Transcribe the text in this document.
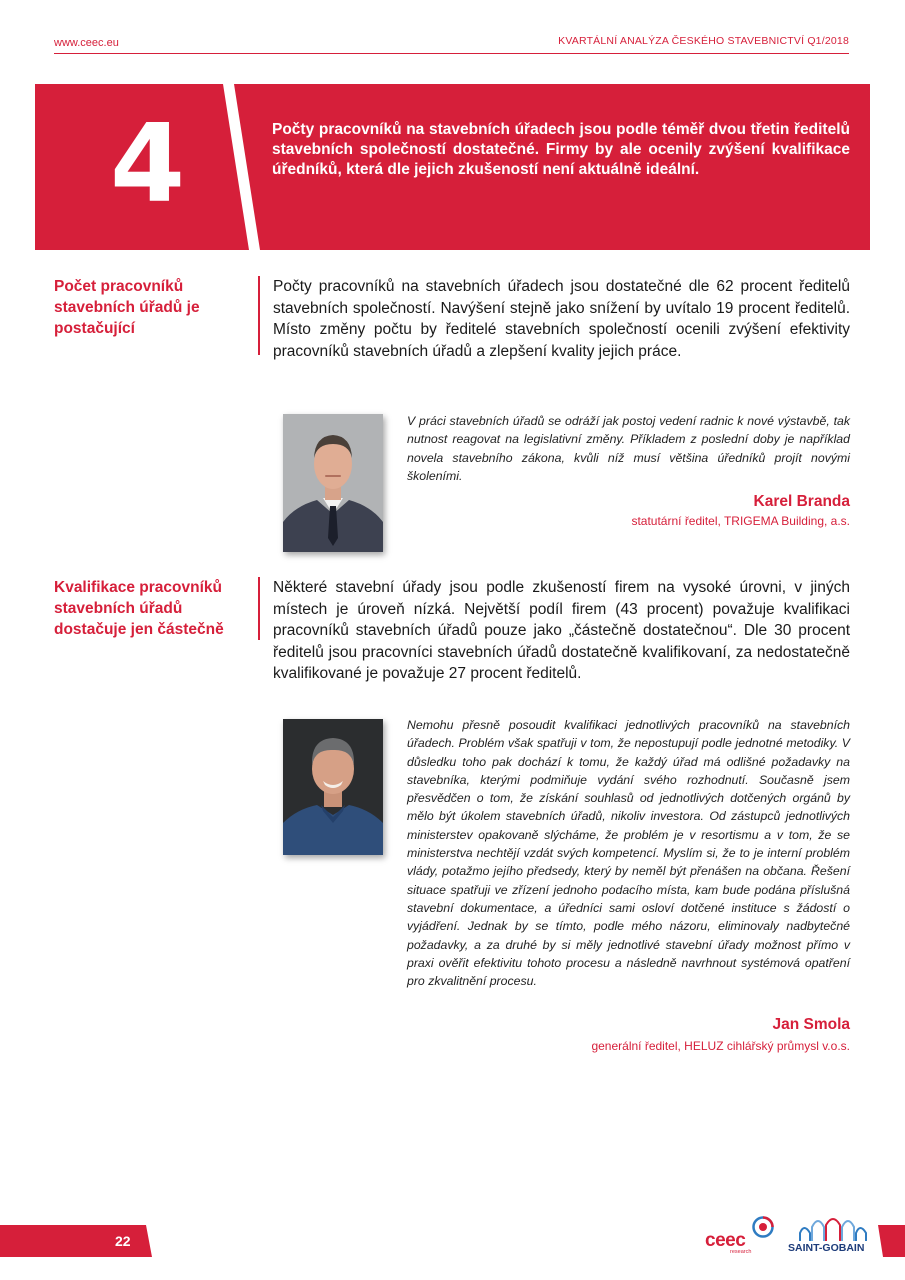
www.ceec.eu	KVARTÁLNÍ ANALÝZA ČESKÉHO STAVEBNICTVÍ Q1/2018
4	Počty pracovníků na stavebních úřadech jsou podle téměř dvou třetin ředitelů stavebních společností dostatečné. Firmy by ale ocenily zvýšení kvalifikace úředníků, která dle jejich zkušeností není aktuálně ideální.
Počet pracovníků stavebních úřadů je postačující
Počty pracovníků na stavebních úřadech jsou dostatečné dle 62 procent ředitelů stavebních společností. Navýšení stejně jako snížení by uvítalo 19 procent ředitelů. Místo změny počtu by ředitelé stavebních společností ocenili zvýšení efektivity pracovníků stavebních úřadů a zlepšení kvality jejich práce.
V práci stavebních úřadů se odráží jak postoj vedení radnic k nové výstavbě, tak nutnost reagovat na legislativní změny. Příkladem z poslední doby je například novela stavebního zákona, kvůli níž musí většina úředníků projít novými školeními.
Karel Branda
statutární ředitel, TRIGEMA Building, a.s.
Kvalifikace pracovníků stavebních úřadů dostačuje jen částečně
Některé stavební úřady jsou podle zkušeností firem na vysoké úrovni, v jiných místech je úroveň nízká. Největší podíl firem (43 procent) považuje kvalifikaci pracovníků stavebních úřadů pouze jako „částečně dostatečnou“. Dle 30 procent ředitelů jsou pracovníci stavebních úřadů dostatečně kvalifikovaní, za nedostatečně kvalifikované je považuje 27 procent ředitelů.
Nemohu přesně posoudit kvalifikaci jednotlivých pracovníků na stavebních úřadech. Problém však spatřuji v tom, že nepostupují podle jednotné metodiky. V důsledku toho pak dochází k tomu, že každý úřad má odlišné požadavky na stavebníka, kterými podmiňuje vydání svého rozhodnutí. Současně jsem přesvědčen o tom, že získání souhlasů od jednotlivých dotčených orgánů by mělo být úkolem stavebních úřadů, nikoliv investora. Od zástupců jednotlivých ministerstev opakovaně slýcháme, že problém je v resortismu a v tom, že se ministerstva nechtějí vzdát svých kompetencí. Myslím si, že to je interní problém vlády, potažmo jejího předsedy, který by neměl být přenášen na občana. Řešení situace spatřuji ve zřízení jednoho podacího místa, kam bude podána příslušná stavební dokumentace, a úředníci sami osloví dotčené instituce s žádostí o vyjádření. Jednak by se tímto, podle mého názoru, eliminovaly nadbytečné požadavky, a za druhé by si měly jednotlivé stavební úřady možnost přímo v praxi ověřit efektivitu tohoto procesu a následně navrhnout systémová opatření pro zkvalitnění procesu.
Jan Smola
generální ředitel, HELUZ cihlářský průmysl v.o.s.
22	ceec
research	SAINT-GOBAIN
